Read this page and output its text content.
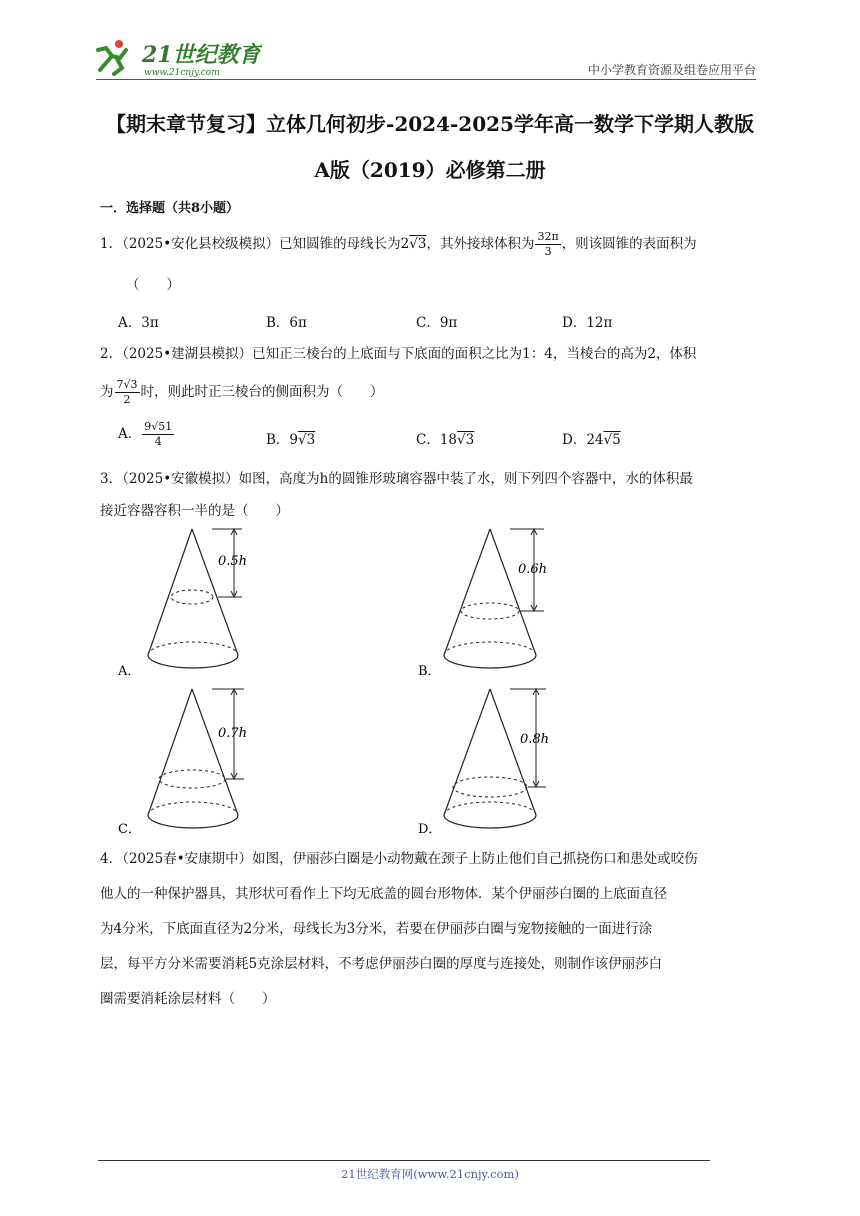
21世纪教育
www.21cnjy.com	中小学教育资源及组卷应用平台
【期末章节复习】立体几何初步-2024-2025学年高一数学下学期人教版
A版（2019）必修第二册
一．选择题（共8小题）
1．（2025•安化县校级模拟）已知圆锥的母线长为2√3，其外接球体积为 $\frac{32\pi}{3}$ ，则该圆锥的表面积为
（　　）
A．3π	B．6π	C．9π	D．12π
2．（2025•建湖县模拟）已知正三棱台的上底面与下底面的面积之比为1：4，当棱台的高为2，体积
为 $\frac{7√3}{2}$ 时，则此时正三棱台的侧面积为（　　）
A． $\frac{9√51}{4}$	B．9√3	C．18√3	D．24√5
3．（2025•安徽模拟）如图，高度为h的圆锥形玻璃容器中装了水，则下列四个容器中，水的体积最
接近容器容积一半的是（　　）
0.5h
A．
0.6h
B．
0.7h
C．
0.8h
D．
4．（2025春•安康期中）如图，伊丽莎白圈是小动物戴在颈子上防止他们自己抓挠伤口和患处或咬伤
他人的一种保护器具，其形状可看作上下均无底盖的圆台形物体．某个伊丽莎白圈的上底面直径
为4分米，下底面直径为2分米，母线长为3分米，若要在伊丽莎白圈与宠物接触的一面进行涂
层，每平方分米需要消耗5克涂层材料，不考虑伊丽莎白圈的厚度与连接处，则制作该伊丽莎白
圈需要消耗涂层材料（　　）
21世纪教育网(www.21cnjy.com)
